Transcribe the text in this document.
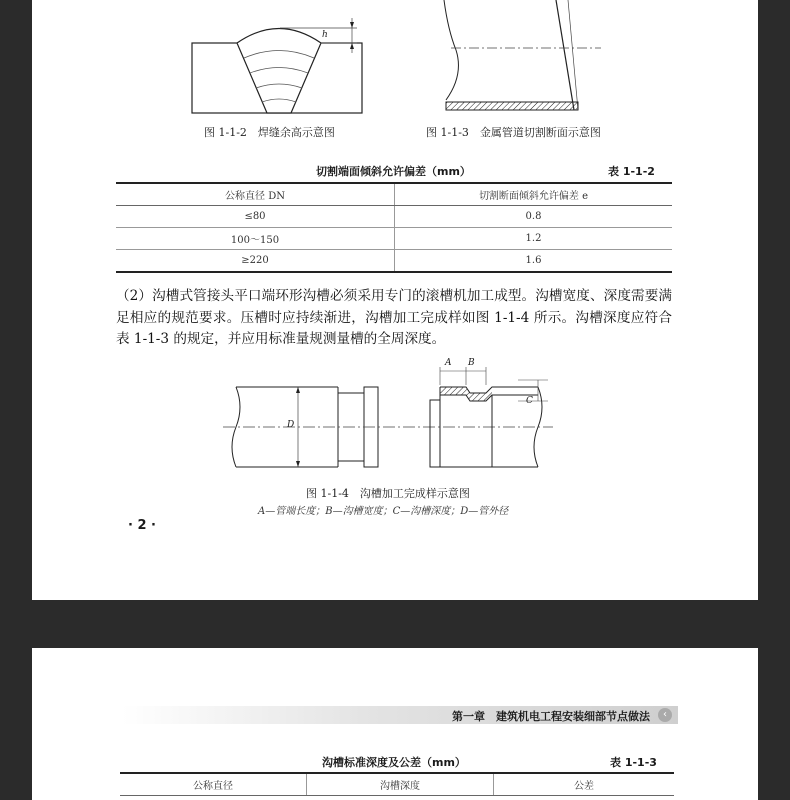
h
图 1-1-2　焊缝余高示意图	图 1-1-3　金属管道切割断面示意图
切割端面倾斜允许偏差（mm）	表 1-1-2
公称直径 DN	切割断面倾斜允许偏差 e
≤80	0.8
100～150	1.2
≥220	1.6
（2）沟槽式管接头平口端环形沟槽必须采用专门的滚槽机加工成型。沟槽宽度、深度需要满足相应的规范要求。压槽时应持续渐进，沟槽加工完成样如图 1-1-4 所示。沟槽深度应符合表 1-1-3 的规定，并应用标准量规测量槽的全周深度。
A B
C
D
图 1-1-4　沟槽加工完成样示意图
A—管端长度；B—沟槽宽度；C—沟槽深度；D—管外径
· 2 ·
第一章　建筑机电工程安装细部节点做法	‹
沟槽标准深度及公差（mm）	表 1-1-3
公称直径	沟槽深度	公差
